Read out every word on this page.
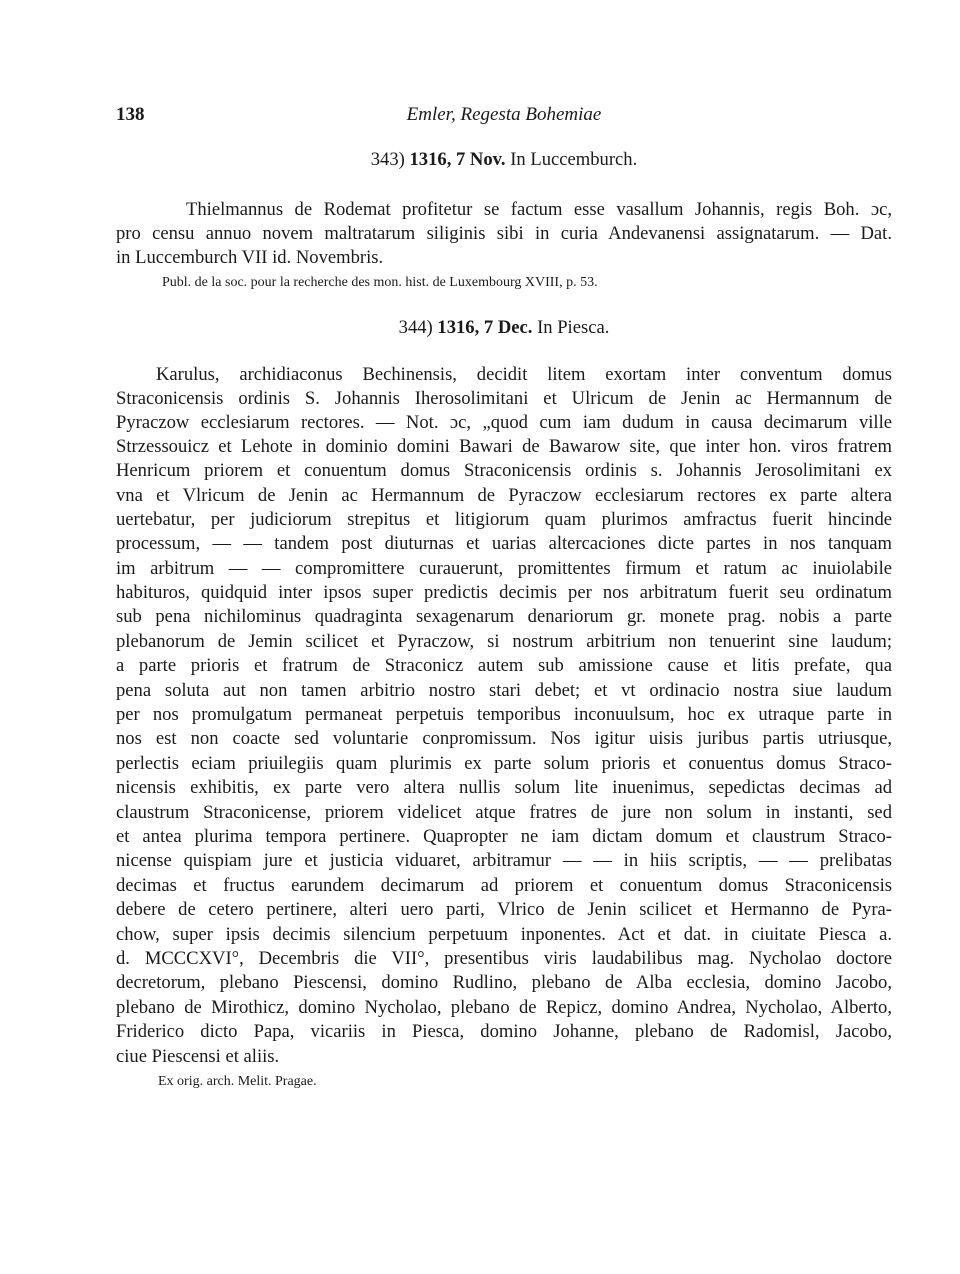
138	Emler, Regesta Bohemiae
343) 1316, 7 Nov. In Luccemburch.
Thielmannus de Rodemat profitetur se factum esse vasallum Johannis, regis Boh. ɔc,
pro censu annuo novem maltratarum siliginis sibi in curia Andevanensi assignatarum. — Dat.
in Luccemburch VII id. Novembris.
Publ. de la soc. pour la recherche des mon. hist. de Luxembourg XVIII, p. 53.
344) 1316, 7 Dec. In Piesca.
Karulus, archidiaconus Bechinensis, decidit litem exortam inter conventum domus
Straconicensis ordinis S. Johannis Iherosolimitani et Ulricum de Jenin ac Hermannum de
Pyraczow ecclesiarum rectores. — Not. ɔc, „quod cum iam dudum in causa decimarum ville
Strzessouicz et Lehote in dominio domini Bawari de Bawarow site, que inter hon. viros fratrem
Henricum priorem et conuentum domus Straconicensis ordinis s. Johannis Jerosolimitani ex
vna et Vlricum de Jenin ac Hermannum de Pyraczow ecclesiarum rectores ex parte altera
uertebatur, per judiciorum strepitus et litigiorum quam plurimos amfractus fuerit hincinde
processum, — — tandem post diuturnas et uarias altercaciones dicte partes in nos tanquam
im arbitrum — — compromittere curauerunt, promittentes firmum et ratum ac inuiolabile
habituros, quidquid inter ipsos super predictis decimis per nos arbitratum fuerit seu ordinatum
sub pena nichilominus quadraginta sexagenarum denariorum gr. monete prag. nobis a parte
plebanorum de Jemin scilicet et Pyraczow, si nostrum arbitrium non tenuerint sine laudum;
a parte prioris et fratrum de Straconicz autem sub amissione cause et litis prefate, qua
pena soluta aut non tamen arbitrio nostro stari debet; et vt ordinacio nostra siue laudum
per nos promulgatum permaneat perpetuis temporibus inconuulsum, hoc ex utraque parte in
nos est non coacte sed voluntarie conpromissum. Nos igitur uisis juribus partis utriusque,
perlectis eciam priuilegiis quam plurimis ex parte solum prioris et conuentus domus Straco-
nicensis exhibitis, ex parte vero altera nullis solum lite inuenimus, sepedictas decimas ad
claustrum Straconicense, priorem videlicet atque fratres de jure non solum in instanti, sed
et antea plurima tempora pertinere. Quapropter ne iam dictam domum et claustrum Straco-
nicense quispiam jure et justicia viduaret, arbitramur — — in hiis scriptis, — — prelibatas
decimas et fructus earundem decimarum ad priorem et conuentum domus Straconicensis
debere de cetero pertinere, alteri uero parti, Vlrico de Jenin scilicet et Hermanno de Pyra-
chow, super ipsis decimis silencium perpetuum inponentes. Act et dat. in ciuitate Piesca a.
d. MCCCXVI°, Decembris die VII°, presentibus viris laudabilibus mag. Nycholao doctore
decretorum, plebano Piescensi, domino Rudlino, plebano de Alba ecclesia, domino Jacobo,
plebano de Mirothicz, domino Nycholao, plebano de Repicz, domino Andrea, Nycholao, Alberto,
Friderico dicto Papa, vicariis in Piesca, domino Johanne, plebano de Radomisl, Jacobo,
ciue Piescensi et aliis.
Ex orig. arch. Melit. Pragae.
